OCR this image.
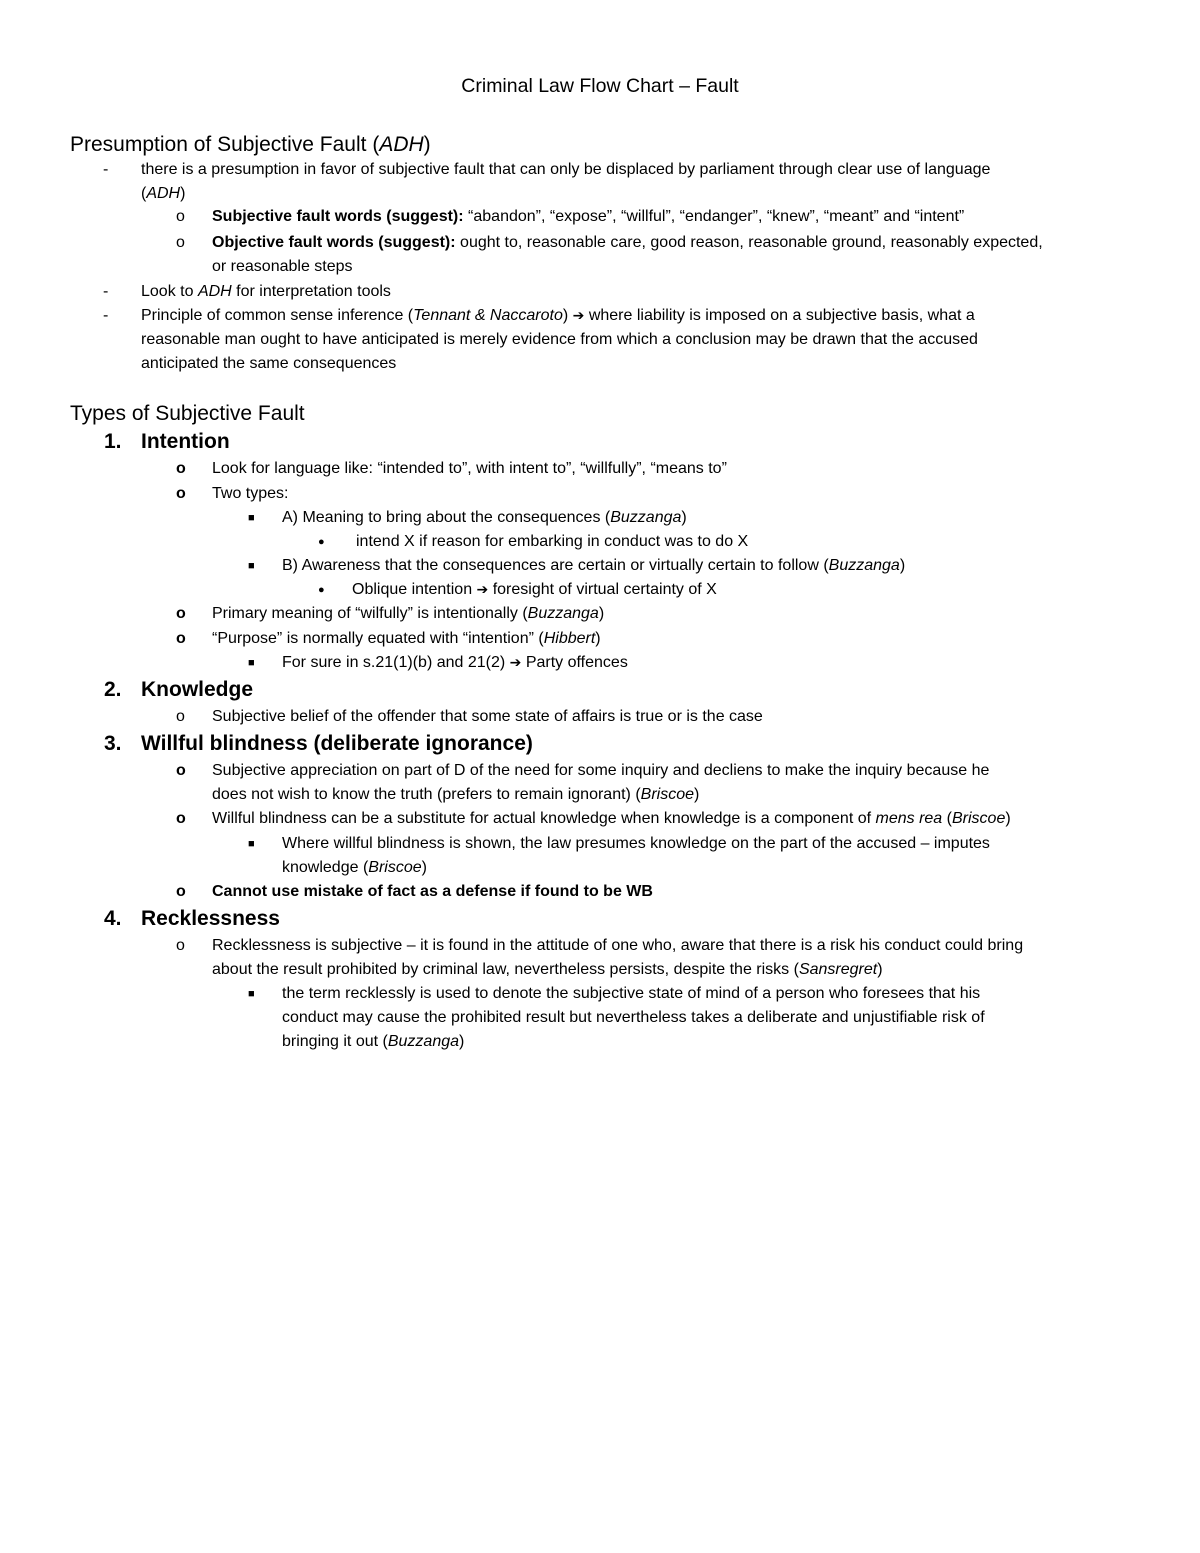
Criminal Law Flow Chart – Fault
Presumption of Subjective Fault (ADH)
- there is a presumption in favor of subjective fault that can only be displaced by parliament through clear use of language
(ADH)
o Subjective fault words (suggest): “abandon”, “expose”, “willful”, “endanger”, “knew”, “meant” and “intent”
o Objective fault words (suggest): ought to, reasonable care, good reason, reasonable ground, reasonably expected,
or reasonable steps
- Look to ADH for interpretation tools
- Principle of common sense inference (Tennant & Naccaroto) ➔ where liability is imposed on a subjective basis, what a
reasonable man ought to have anticipated is merely evidence from which a conclusion may be drawn that the accused
anticipated the same consequences
Types of Subjective Fault
1. Intention
o Look for language like: “intended to”, with intent to”, “willfully”, “means to”
o Two types:
■ A) Meaning to bring about the consequences (Buzzanga)
● intend X if reason for embarking in conduct was to do X
■ B) Awareness that the consequences are certain or virtually certain to follow (Buzzanga)
● Oblique intention ➔ foresight of virtual certainty of X
o Primary meaning of “wilfully” is intentionally (Buzzanga)
o “Purpose” is normally equated with “intention” (Hibbert)
■ For sure in s.21(1)(b) and 21(2) ➔ Party offences
2. Knowledge
o Subjective belief of the offender that some state of affairs is true or is the case
3. Willful blindness (deliberate ignorance)
o Subjective appreciation on part of D of the need for some inquiry and decliens to make the inquiry because he
does not wish to know the truth (prefers to remain ignorant) (Briscoe)
o Willful blindness can be a substitute for actual knowledge when knowledge is a component of mens rea (Briscoe)
■ Where willful blindness is shown, the law presumes knowledge on the part of the accused – imputes
knowledge (Briscoe)
o Cannot use mistake of fact as a defense if found to be WB
4. Recklessness
o Recklessness is subjective – it is found in the attitude of one who, aware that there is a risk his conduct could bring
about the result prohibited by criminal law, nevertheless persists, despite the risks (Sansregret)
■ the term recklessly is used to denote the subjective state of mind of a person who foresees that his
conduct may cause the prohibited result but nevertheless takes a deliberate and unjustifiable risk of
bringing it out (Buzzanga)
